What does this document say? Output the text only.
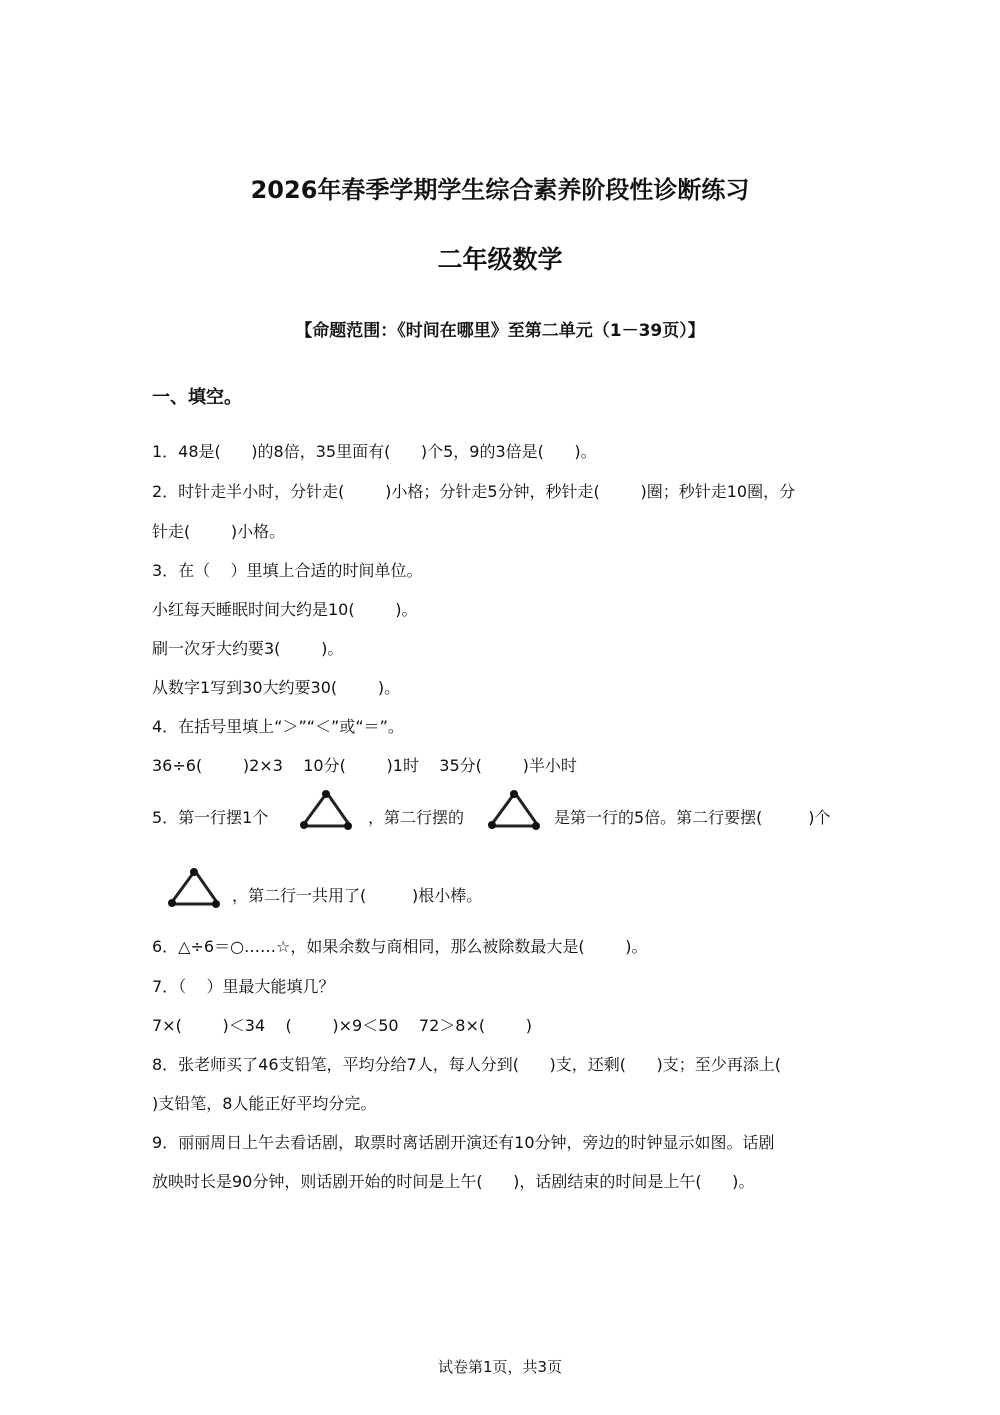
2026年春季学期学生综合素养阶段性诊断练习
二年级数学
【命题范围：《时间在哪里》至第二单元（1－39页）】
一、填空。
1．48是(      )的8倍，35里面有(      )个5，9的3倍是(      )。
2．时针走半小时，分针走(        )小格；分针走5分钟，秒针走(        )圈；秒针走10圈，分
针走(        )小格。
3．在（    ）里填上合适的时间单位。
小红每天睡眠时间大约是10(        )。
刷一次牙大约要3(        )。
从数字1写到30大约要30(        )。
4．在括号里填上“＞”“＜”或“＝”。
36÷6(        )2×3    10分(        )1时    35分(        )半小时
5．第一行摆1个	，第二行摆的	是第一行的5倍。第二行要摆(         )个
，第二行一共用了(         )根小棒。
6．△÷6＝○……☆，如果余数与商相同，那么被除数最大是(        )。
7．（    ）里最大能填几？
7×(        )＜34    (        )×9＜50    72＞8×(        )
8．张老师买了46支铅笔，平均分给7人，每人分到(      )支，还剩(      )支；至少再添上(
)支铅笔，8人能正好平均分完。
9．丽丽周日上午去看话剧，取票时离话剧开演还有10分钟，旁边的时钟显示如图。话剧
放映时长是90分钟，则话剧开始的时间是上午(      )，话剧结束的时间是上午(      )。
试卷第1页，共3页
